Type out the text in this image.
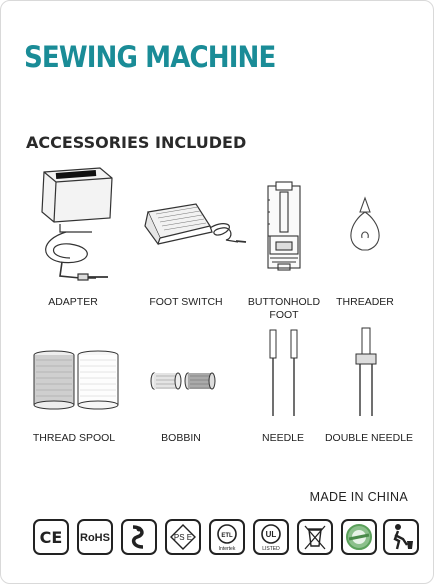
SEWING MACHINE
ACCESSORIES INCLUDED
ADAPTER	FOOT SWITCH	BUTTONHOLD
FOOT
THREADER
THREAD SPOOL	BOBBIN	NEEDLE	DOUBLE NEEDLE
MADE IN CHINA
CE RoHS	PS E	ETL
Intertek
UL
LISTED
